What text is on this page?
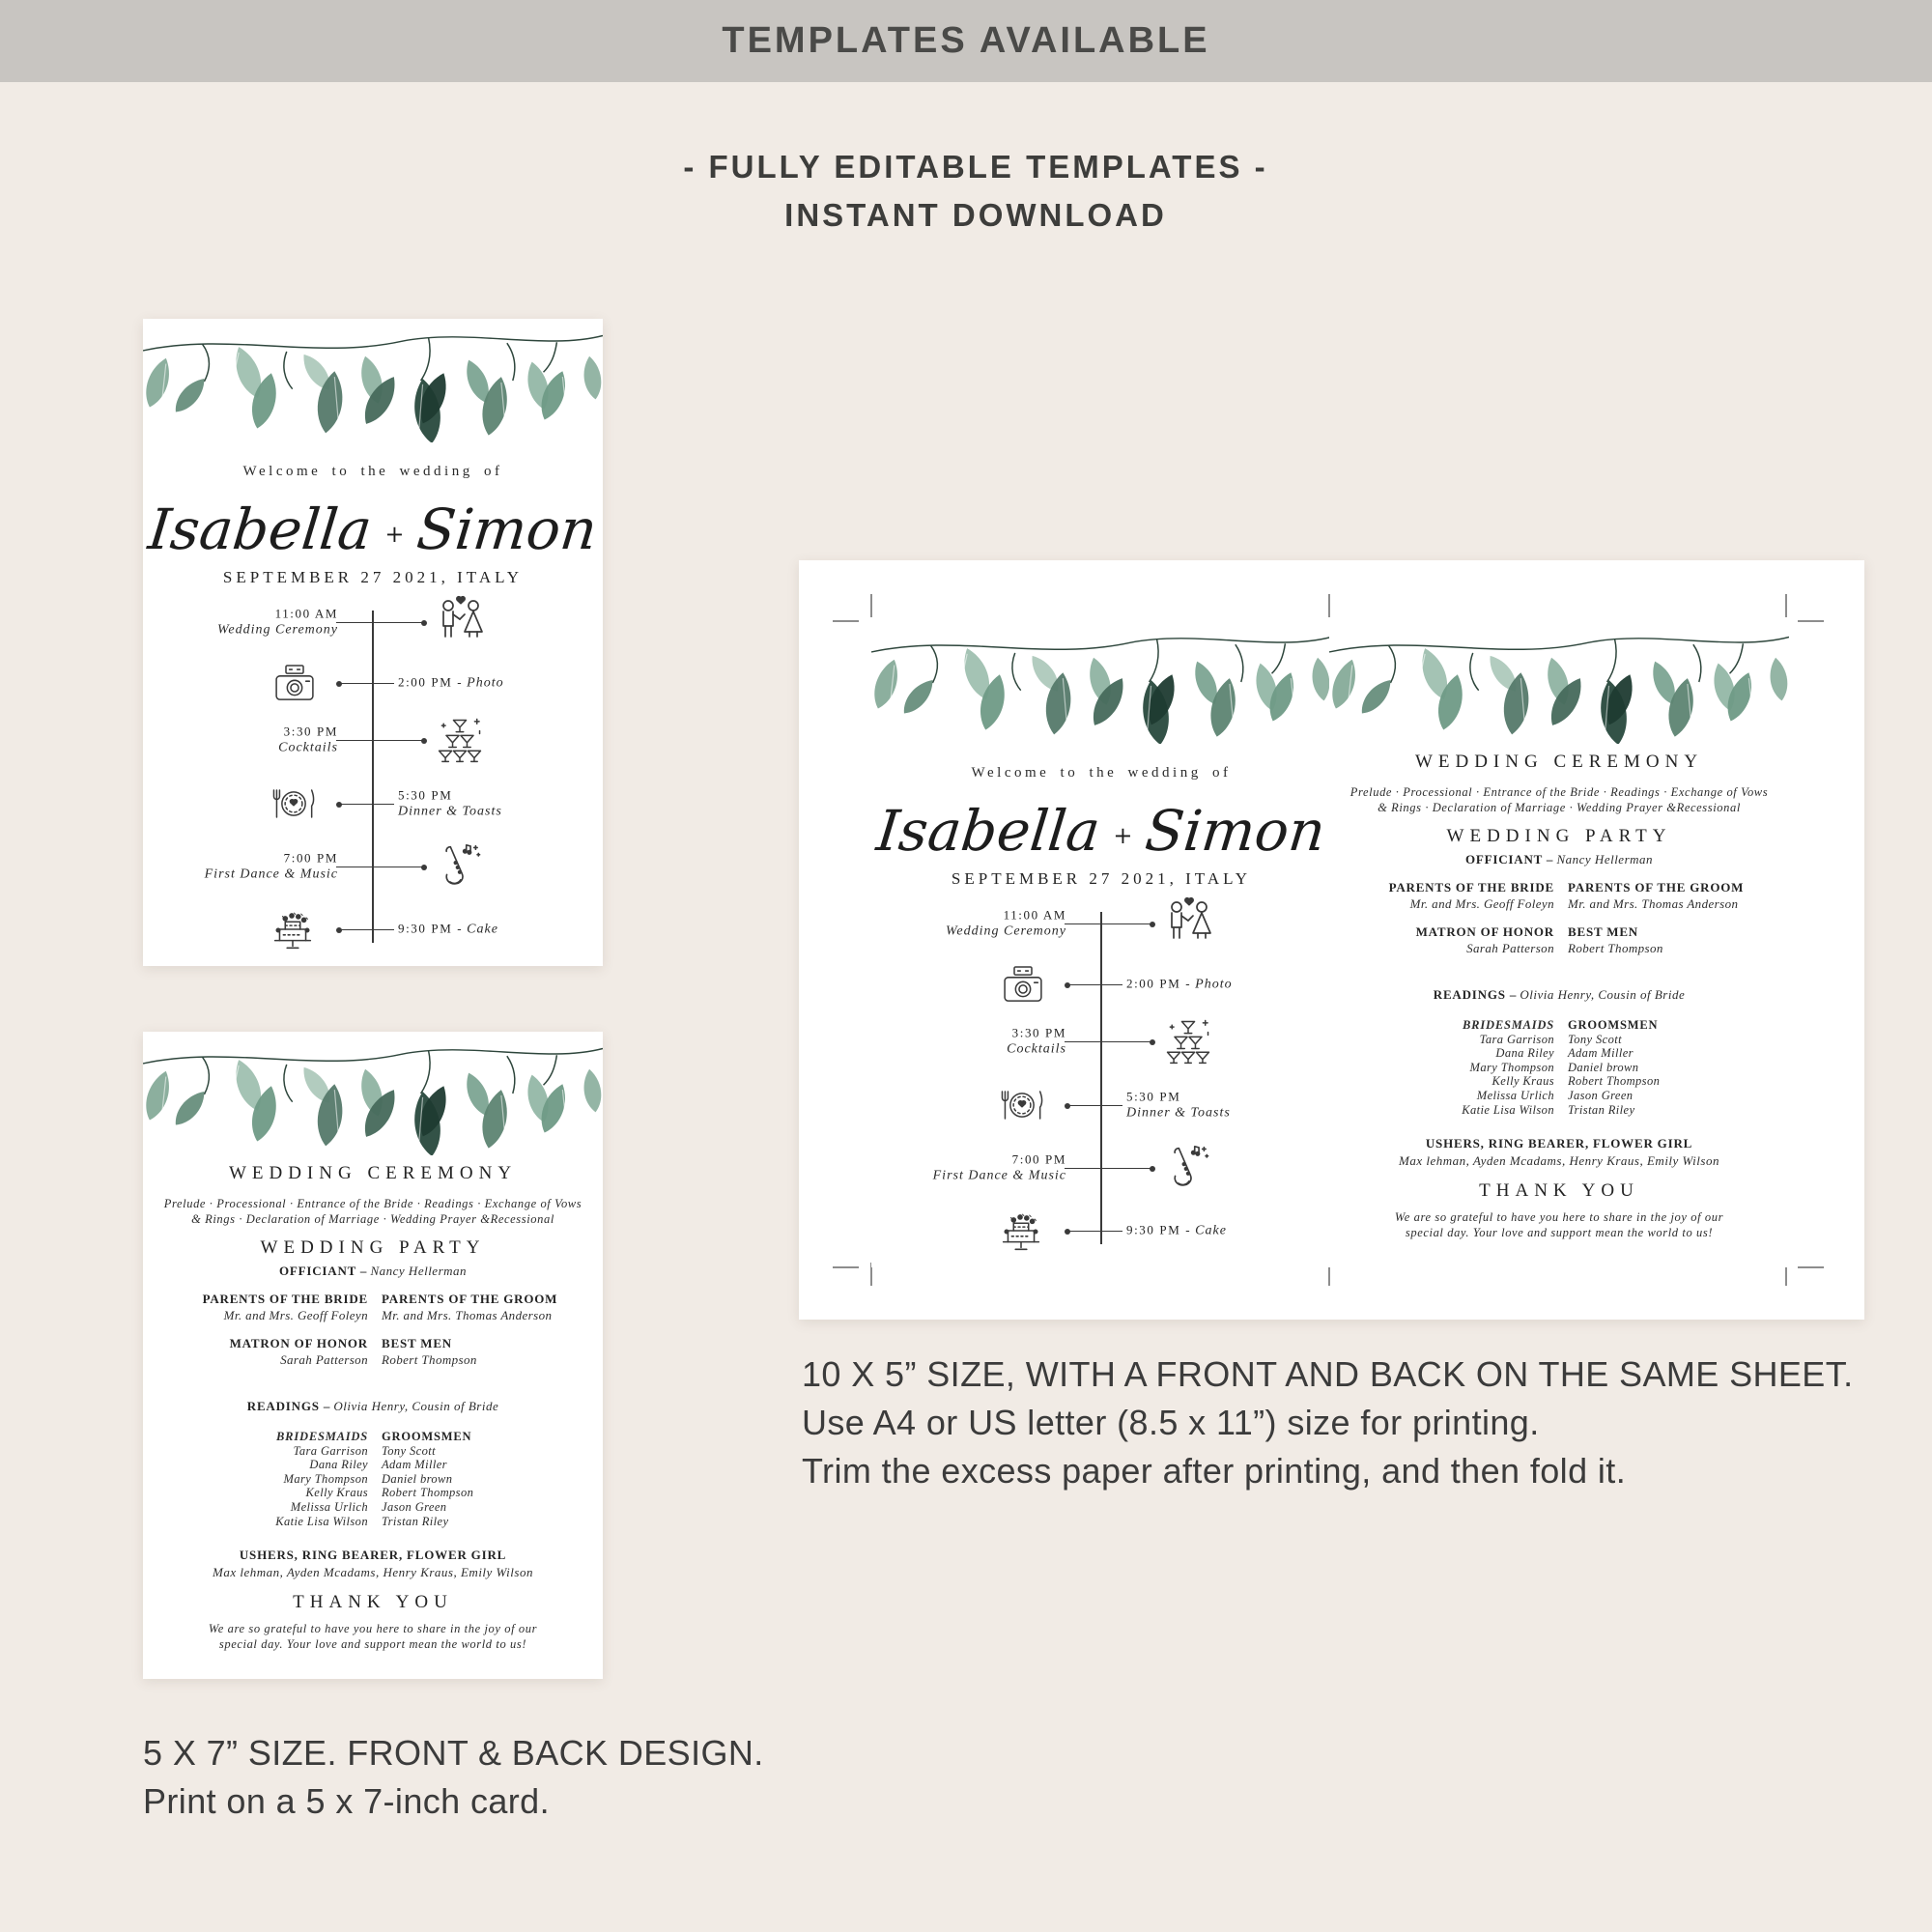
TEMPLATES AVAILABLE
- FULLY EDITABLE TEMPLATES -
INSTANT DOWNLOAD
Welcome to the wedding of
Isabella + Simon
SEPTEMBER 27 2021, ITALY
11:00 AM
Wedding Ceremony
2:00 PM - Photo
3:30 PM
Cocktails
5:30 PM
Dinner & Toasts
7:00 PM
First Dance & Music
9:30 PM - Cake
WEDDING CEREMONY
Prelude · Processional · Entrance of the Bride · Readings · Exchange of Vows
& Rings · Declaration of Marriage · Wedding Prayer &Recessional
WEDDING PARTY
OFFICIANT – Nancy Hellerman
PARENTS OF THE BRIDE
Mr. and Mrs. Geoff Foleyn
PARENTS OF THE GROOM
Mr. and Mrs. Thomas Anderson
MATRON OF HONOR
Sarah Patterson
BEST MEN
Robert Thompson
READINGS – Olivia Henry, Cousin of Bride
BRIDESMAIDS
Tara Garrison
Dana Riley
Mary Thompson
Kelly Kraus
Melissa Urlich
Katie Lisa Wilson
GROOMSMEN
Tony Scott
Adam Miller
Daniel brown
Robert Thompson
Jason Green
Tristan Riley
USHERS, RING BEARER, FLOWER GIRL
Max lehman, Ayden Mcadams, Henry Kraus, Emily Wilson
THANK YOU
We are so grateful to have you here to share in the joy of our
special day. Your love and support mean the world to us!
Welcome to the wedding of
Isabella + Simon
SEPTEMBER 27 2021, ITALY
11:00 AM
Wedding Ceremony
2:00 PM - Photo
3:30 PM
Cocktails
5:30 PM
Dinner & Toasts
7:00 PM
First Dance & Music
9:30 PM - Cake
WEDDING CEREMONY
Prelude · Processional · Entrance of the Bride · Readings · Exchange of Vows
& Rings · Declaration of Marriage · Wedding Prayer &Recessional
WEDDING PARTY
OFFICIANT – Nancy Hellerman
PARENTS OF THE BRIDE
Mr. and Mrs. Geoff Foleyn
PARENTS OF THE GROOM
Mr. and Mrs. Thomas Anderson
MATRON OF HONOR
Sarah Patterson
BEST MEN
Robert Thompson
READINGS – Olivia Henry, Cousin of Bride
BRIDESMAIDS
Tara Garrison
Dana Riley
Mary Thompson
Kelly Kraus
Melissa Urlich
Katie Lisa Wilson
GROOMSMEN
Tony Scott
Adam Miller
Daniel brown
Robert Thompson
Jason Green
Tristan Riley
USHERS, RING BEARER, FLOWER GIRL
Max lehman, Ayden Mcadams, Henry Kraus, Emily Wilson
THANK YOU
We are so grateful to have you here to share in the joy of our
special day. Your love and support mean the world to us!
10 X 5” SIZE, WITH A FRONT AND BACK ON THE SAME SHEET.
Use A4 or US letter (8.5 x 11”) size for printing.
Trim the excess paper after printing, and then fold it.
5 X 7” SIZE. FRONT & BACK DESIGN.
Print on a 5 x 7-inch card.
